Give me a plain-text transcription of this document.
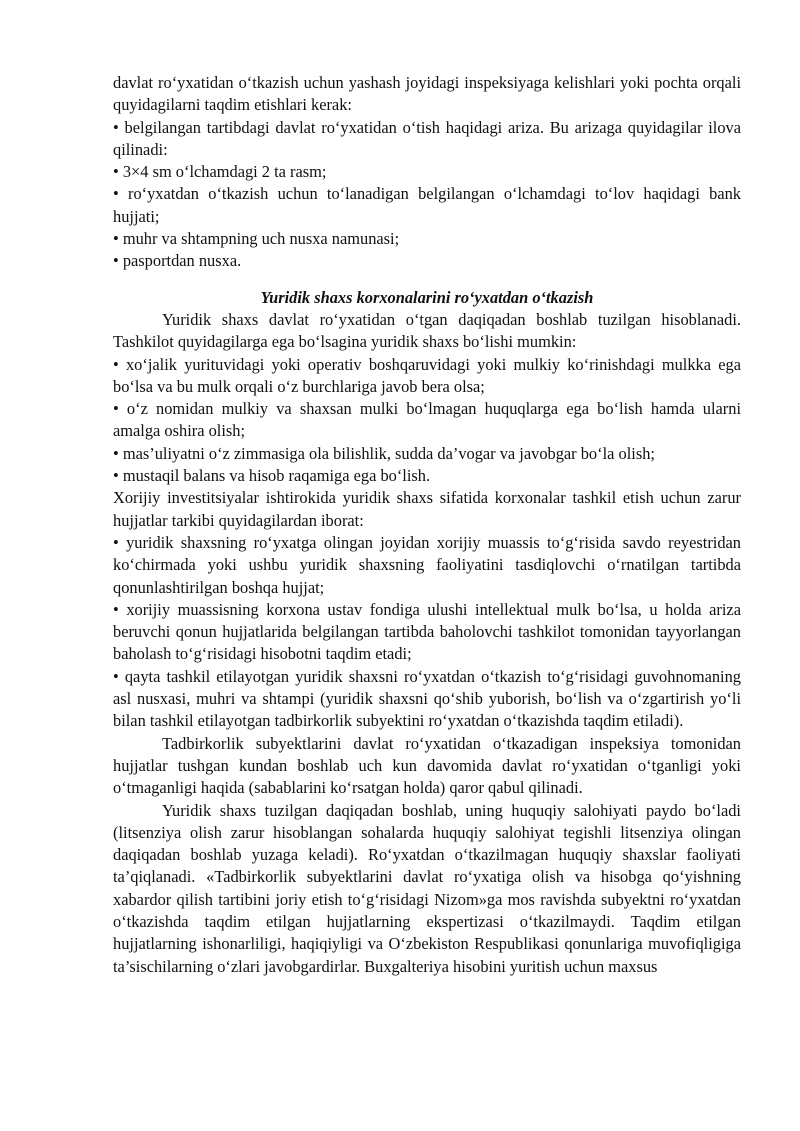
davlat ro‘yxatidan o‘tkazish uchun yashash joyidagi inspeksiyaga kelishlari yoki pochta orqali quyidagilarni taqdim etishlari kerak:

• belgilangan tartibdagi davlat ro‘yxatidan o‘tish haqidagi ariza. Bu arizaga quyidagilar ilova qilinadi:

• 3×4 sm o‘lchamdagi 2 ta rasm;

• ro‘yxatdan o‘tkazish uchun to‘lanadigan belgilangan o‘lchamdagi to‘lov haqidagi bank hujjati;

• muhr va shtampning uch nusxa namunasi;

• pasportdan nusxa.

Yuridik shaxs korxonalarini ro‘yxatdan o‘tkazish

Yuridik shaxs davlat ro‘yxatidan o‘tgan daqiqadan boshlab tuzilgan hisoblanadi. Tashkilot quyidagilarga ega bo‘lsagina yuridik shaxs bo‘lishi mumkin:

• xo‘jalik yurituvidagi yoki operativ boshqaruvidagi yoki mulkiy ko‘rinishdagi mulkka ega bo‘lsa va bu mulk orqali o‘z burchlariga javob bera olsa;

• o‘z nomidan mulkiy va shaxsan mulki bo‘lmagan huquqlarga ega bo‘lish hamda ularni amalga oshira olish;

• mas’uliyatni o‘z zimmasiga ola bilishlik, sudda da’vogar va javobgar bo‘la olish;

• mustaqil balans va hisob raqamiga ega bo‘lish.

Xorijiy investitsiyalar ishtirokida yuridik shaxs sifatida korxonalar tashkil etish uchun zarur hujjatlar tarkibi quyidagilardan iborat:

• yuridik shaxsning ro‘yxatga olingan joyidan xorijiy muassis to‘g‘risida savdo reyestridan ko‘chirmada yoki ushbu yuridik shaxsning faoliyatini tasdiqlovchi o‘rnatilgan tartibda qonunlashtirilgan boshqa hujjat;

• xorijiy muassisning korxona ustav fondiga ulushi intellektual mulk bo‘lsa, u holda ariza beruvchi qonun hujjatlarida belgilangan tartibda baholovchi tashkilot tomonidan tayyorlangan baholash to‘g‘risidagi hisobotni taqdim etadi;

• qayta tashkil etilayotgan yuridik shaxsni ro‘yxatdan o‘tkazish to‘g‘risidagi guvohnomaning asl nusxasi, muhri va shtampi (yuridik shaxsni qo‘shib yuborish, bo‘lish va o‘zgartirish yo‘li bilan tashkil etilayotgan tadbirkorlik subyektini ro‘yxatdan o‘tkazishda taqdim etiladi).

Tadbirkorlik subyektlarini davlat ro‘yxatidan o‘tkazadigan inspeksiya tomonidan hujjatlar tushgan kundan boshlab uch kun davomida davlat ro‘yxatidan o‘tganligi yoki o‘tmaganligi haqida (sabablarini ko‘rsatgan holda) qaror qabul qilinadi.

Yuridik shaxs tuzilgan daqiqadan boshlab, uning huquqiy salohiyati paydo bo‘ladi (litsenziya olish zarur hisoblangan sohalarda huquqiy salohiyat tegishli litsenziya olingan daqiqadan boshlab yuzaga keladi). Ro‘yxatdan o‘tkazilmagan huquqiy shaxslar faoliyati ta’qiqlanadi. «Tadbirkorlik subyektlarini davlat ro‘yxatiga olish va hisobga qo‘yishning xabardor qilish tartibini joriy etish to‘g‘risidagi Nizom»ga mos ravishda subyektni ro‘yxatdan o‘tkazishda taqdim etilgan hujjatlarning ekspertizasi o‘tkazilmaydi. Taqdim etilgan hujjatlarning ishonarliligi, haqiqiyligi va O‘zbekiston Respublikasi qonunlariga muvofiqligiga ta’sischilarning o‘zlari javobgardirlar. Buxgalteriya hisobini yuritish uchun maxsus
